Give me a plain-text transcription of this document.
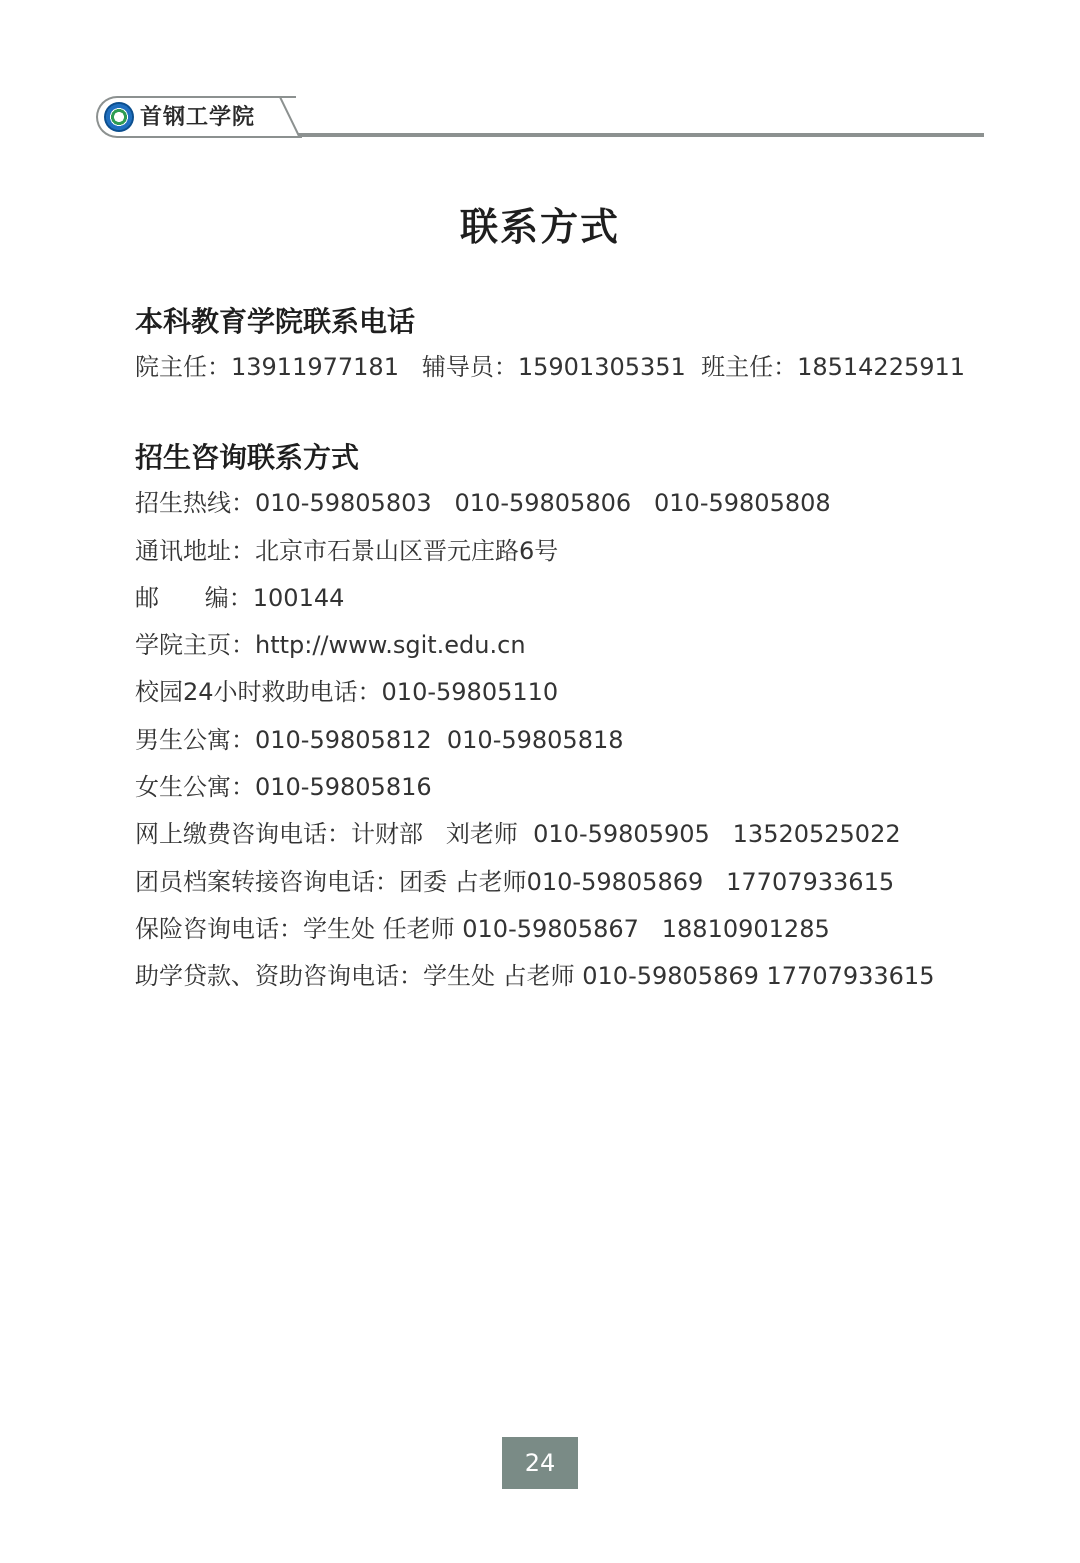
首钢工学院
联系方式
本科教育学院联系电话
院主任：13911977181   辅导员：15901305351  班主任：18514225911
招生咨询联系方式
招生热线：010-59805803   010-59805806   010-59805808
通讯地址：北京市石景山区晋元庄路6号
邮      编：100144
学院主页：http://www.sgit.edu.cn
校园24小时救助电话：010-59805110
男生公寓：010-59805812  010-59805818
女生公寓：010-59805816
网上缴费咨询电话：计财部   刘老师  010-59805905   13520525022
团员档案转接咨询电话：团委 占老师010-59805869   17707933615
保险咨询电话：学生处 任老师 010-59805867   18810901285
助学贷款、资助咨询电话：学生处 占老师 010-59805869 17707933615
24
